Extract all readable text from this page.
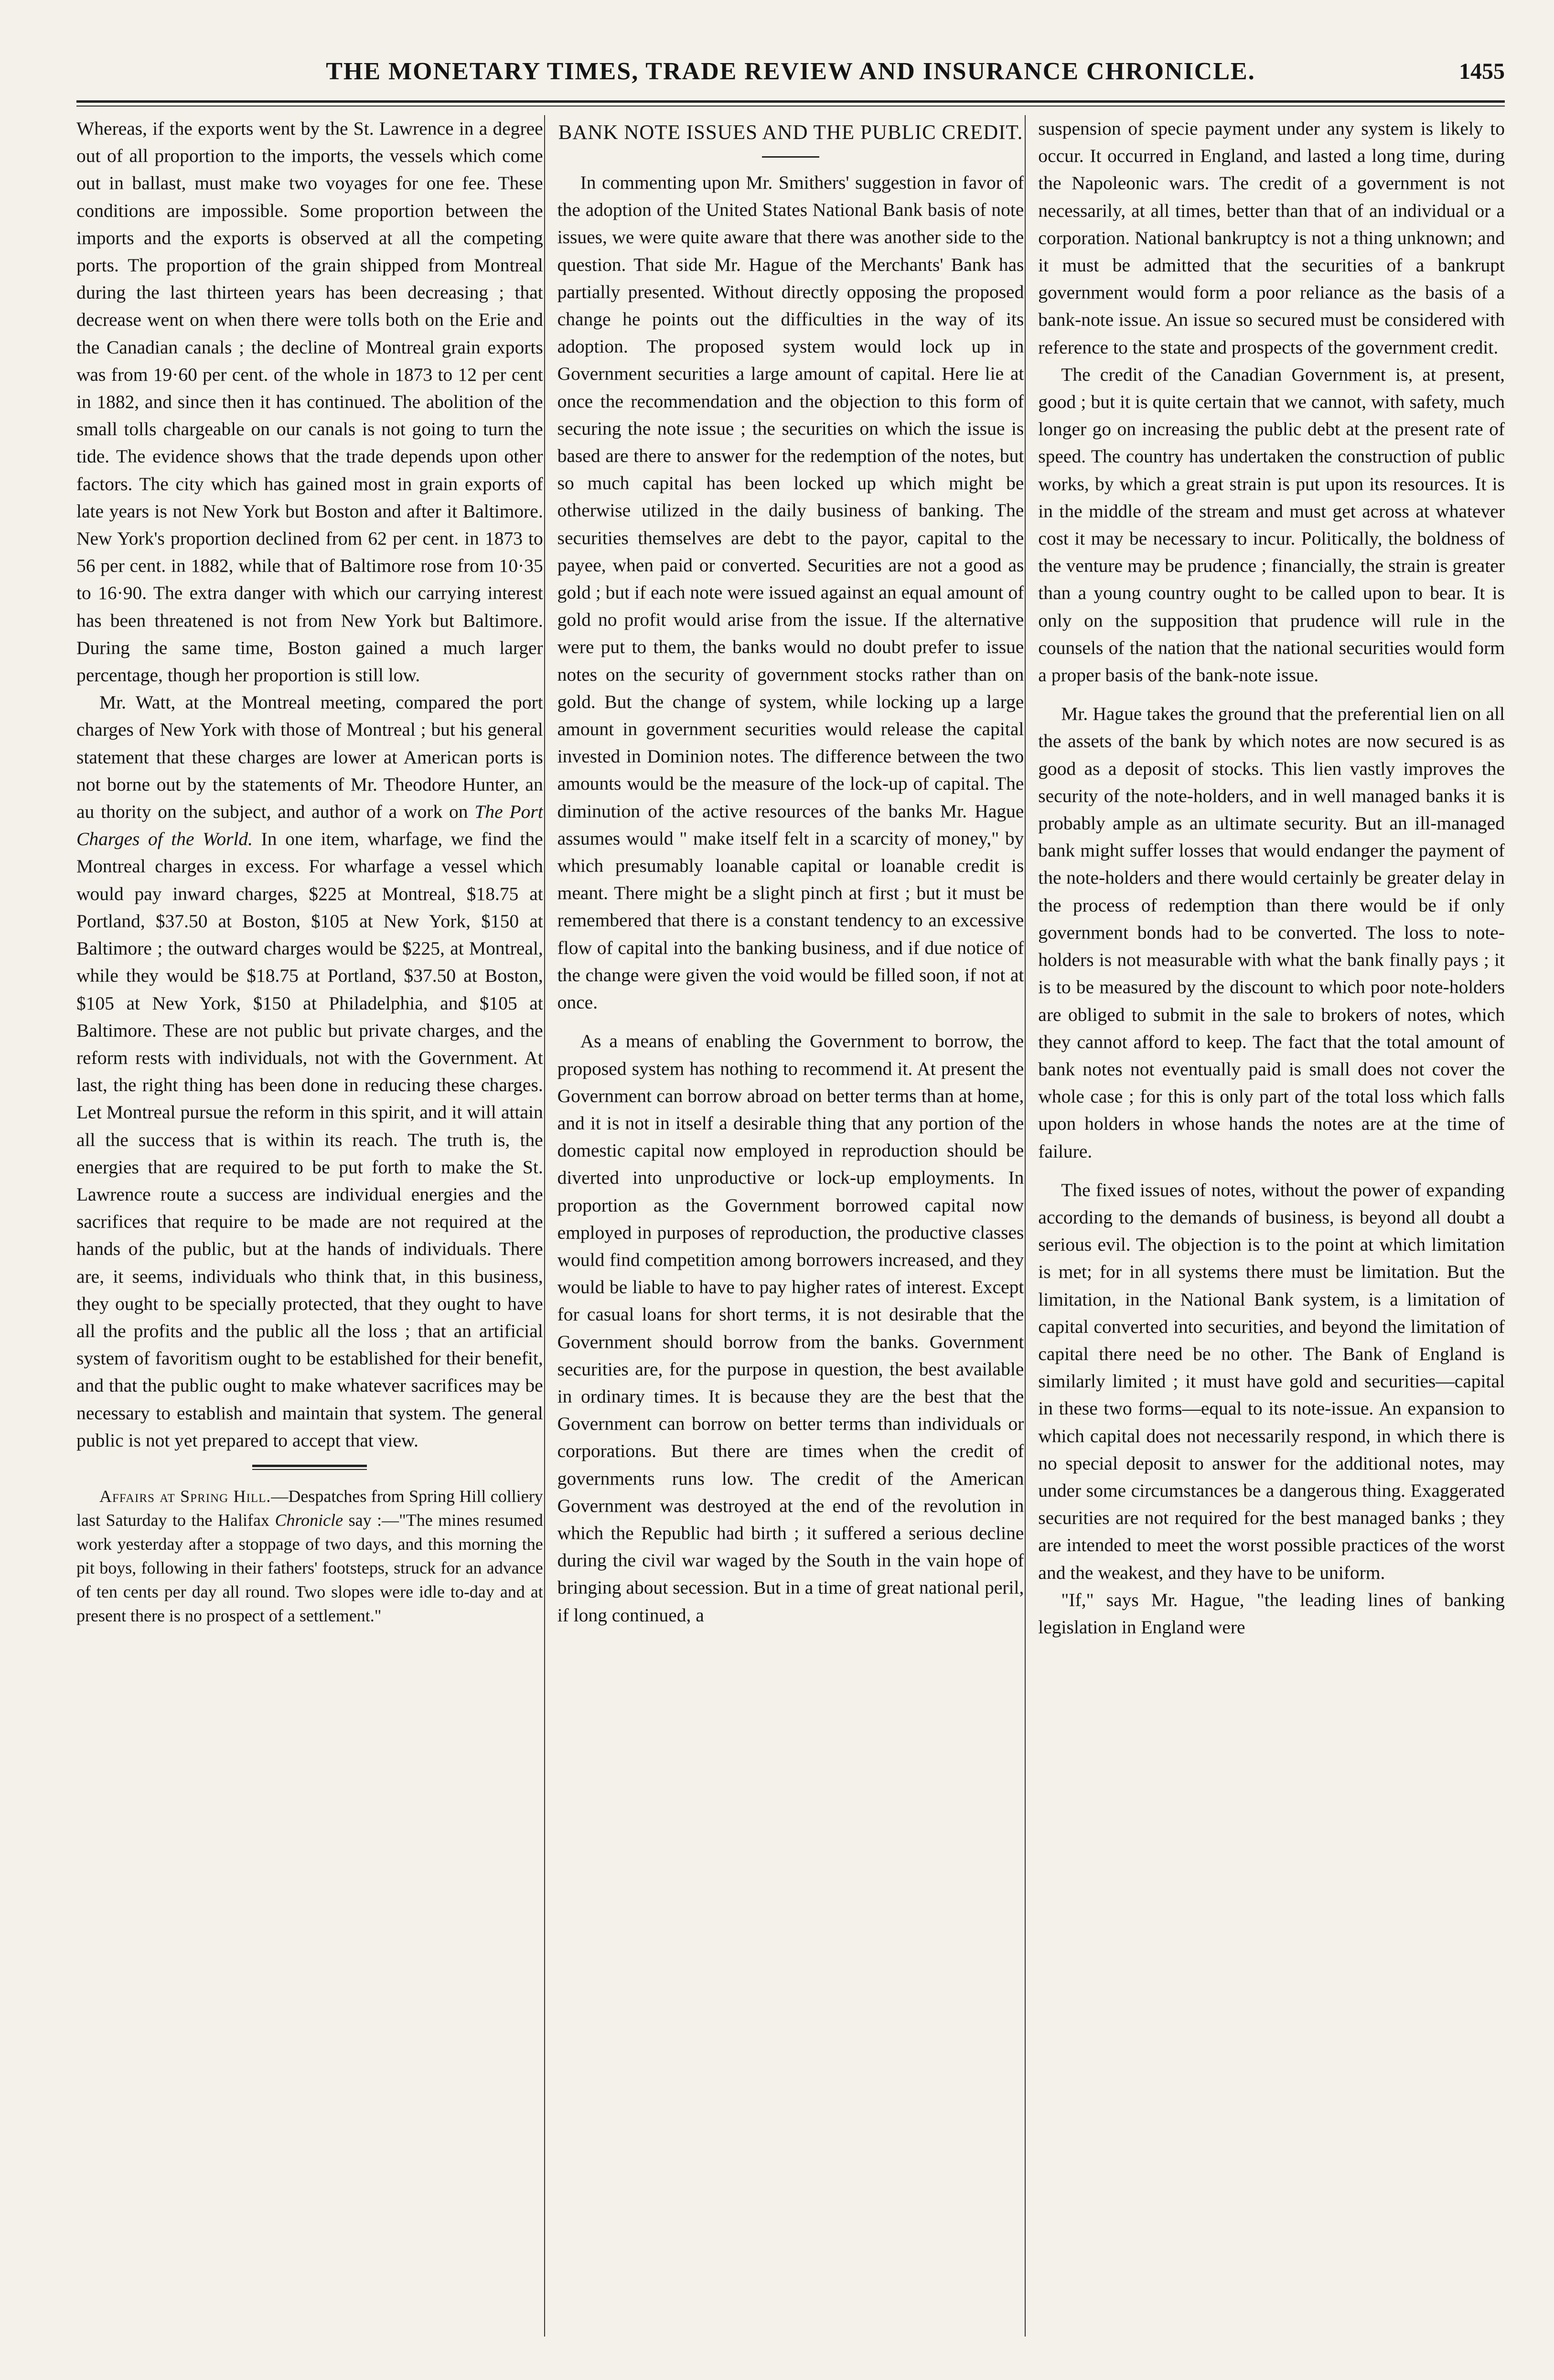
THE MONETARY TIMES, TRADE REVIEW AND INSURANCE CHRONICLE.	1455

Whereas, if the exports went by the St. Lawrence in a degree out of all proportion to the imports, the vessels which come out in ballast, must make two voyages for one fee. These conditions are impossible. Some proportion between the imports and the exports is observed at all the competing ports. The proportion of the grain shipped from Montreal during the last thirteen years has been decreasing ; that decrease went on when there were tolls both on the Erie and the Canadian canals ; the decline of Montreal grain exports was from 19·60 per cent. of the whole in 1873 to 12 per cent in 1882, and since then it has continued. The abolition of the small tolls chargeable on our canals is not going to turn the tide. The evidence shows that the trade depends upon other factors. The city which has gained most in grain exports of late years is not New York but Boston and after it Baltimore. New York's proportion declined from 62 per cent. in 1873 to 56 per cent. in 1882, while that of Baltimore rose from 10·35 to 16·90. The extra danger with which our carrying interest has been threatened is not from New York but Baltimore. During the same time, Boston gained a much larger percentage, though her proportion is still low.

Mr. Watt, at the Montreal meeting, compared the port charges of New York with those of Montreal ; but his general statement that these charges are lower at American ports is not borne out by the statements of Mr. Theodore Hunter, an au thority on the subject, and author of a work on The Port Charges of the World. In one item, wharfage, we find the Montreal charges in excess. For wharfage a vessel which would pay inward charges, $225 at Montreal, $18.75 at Portland, $37.50 at Boston, $105 at New York, $150 at Baltimore ; the outward charges would be $225, at Montreal, while they would be $18.75 at Portland, $37.50 at Boston, $105 at New York, $150 at Philadelphia, and $105 at Baltimore. These are not public but private charges, and the reform rests with individuals, not with the Government. At last, the right thing has been done in reducing these charges. Let Montreal pursue the reform in this spirit, and it will attain all the success that is within its reach. The truth is, the energies that are required to be put forth to make the St. Lawrence route a success are individual energies and the sacrifices that require to be made are not required at the hands of the public, but at the hands of individuals. There are, it seems, individuals who think that, in this business, they ought to be specially protected, that they ought to have all the profits and the public all the loss ; that an artificial system of favoritism ought to be established for their benefit, and that the public ought to make whatever sacrifices may be necessary to establish and maintain that system. The general public is not yet prepared to accept that view.

Affairs at Spring Hill.—Despatches from Spring Hill colliery last Saturday to the Halifax Chronicle say :—"The mines resumed work yesterday after a stoppage of two days, and this morning the pit boys, following in their fathers' footsteps, struck for an advance of ten cents per day all round. Two slopes were idle to-day and at present there is no prospect of a settlement."

BANK NOTE ISSUES AND THE PUBLIC CREDIT.

In commenting upon Mr. Smithers' suggestion in favor of the adoption of the United States National Bank basis of note issues, we were quite aware that there was another side to the question. That side Mr. Hague of the Merchants' Bank has partially presented. Without directly opposing the proposed change he points out the difficulties in the way of its adoption. The proposed system would lock up in Government securities a large amount of capital. Here lie at once the recommendation and the objection to this form of securing the note issue ; the securities on which the issue is based are there to answer for the redemption of the notes, but so much capital has been locked up which might be otherwise utilized in the daily business of banking. The securities themselves are debt to the payor, capital to the payee, when paid or converted. Securities are not a good as gold ; but if each note were issued against an equal amount of gold no profit would arise from the issue. If the alternative were put to them, the banks would no doubt prefer to issue notes on the security of government stocks rather than on gold. But the change of system, while locking up a large amount in government securities would release the capital invested in Dominion notes. The difference between the two amounts would be the measure of the lock-up of capital. The diminution of the active resources of the banks Mr. Hague assumes would " make itself felt in a scarcity of money," by which presumably loanable capital or loanable credit is meant. There might be a slight pinch at first ; but it must be remembered that there is a constant tendency to an excessive flow of capital into the banking business, and if due notice of the change were given the void would be filled soon, if not at once.

As a means of enabling the Government to borrow, the proposed system has nothing to recommend it. At present the Government can borrow abroad on better terms than at home, and it is not in itself a desirable thing that any portion of the domestic capital now employed in reproduction should be diverted into unproductive or lock-up employments. In proportion as the Government borrowed capital now employed in purposes of reproduction, the productive classes would find competition among borrowers increased, and they would be liable to have to pay higher rates of interest. Except for casual loans for short terms, it is not desirable that the Government should borrow from the banks. Government securities are, for the purpose in question, the best available in ordinary times. It is because they are the best that the Government can borrow on better terms than individuals or corporations. But there are times when the credit of governments runs low. The credit of the American Government was destroyed at the end of the revolution in which the Republic had birth ; it suffered a serious decline during the civil war waged by the South in the vain hope of bringing about secession. But in a time of great national peril, if long continued, a

suspension of specie payment under any system is likely to occur. It occurred in England, and lasted a long time, during the Napoleonic wars. The credit of a government is not necessarily, at all times, better than that of an individual or a corporation. National bankruptcy is not a thing unknown; and it must be admitted that the securities of a bankrupt government would form a poor reliance as the basis of a bank-note issue. An issue so secured must be considered with reference to the state and prospects of the government credit.

The credit of the Canadian Government is, at present, good ; but it is quite certain that we cannot, with safety, much longer go on increasing the public debt at the present rate of speed. The country has undertaken the construction of public works, by which a great strain is put upon its resources. It is in the middle of the stream and must get across at whatever cost it may be necessary to incur. Politically, the boldness of the venture may be prudence ; financially, the strain is greater than a young country ought to be called upon to bear. It is only on the supposition that prudence will rule in the counsels of the nation that the national securities would form a proper basis of the bank-note issue.

Mr. Hague takes the ground that the preferential lien on all the assets of the bank by which notes are now secured is as good as a deposit of stocks. This lien vastly improves the security of the note-holders, and in well managed banks it is probably ample as an ultimate security. But an ill-managed bank might suffer losses that would endanger the payment of the note-holders and there would certainly be greater delay in the process of redemption than there would be if only government bonds had to be converted. The loss to note-holders is not measurable with what the bank finally pays ; it is to be measured by the discount to which poor note-holders are obliged to submit in the sale to brokers of notes, which they cannot afford to keep. The fact that the total amount of bank notes not eventually paid is small does not cover the whole case ; for this is only part of the total loss which falls upon holders in whose hands the notes are at the time of failure.

The fixed issues of notes, without the power of expanding according to the demands of business, is beyond all doubt a serious evil. The objection is to the point at which limitation is met; for in all systems there must be limitation. But the limitation, in the National Bank system, is a limitation of capital converted into securities, and beyond the limitation of capital there need be no other. The Bank of England is similarly limited ; it must have gold and securities—capital in these two forms—equal to its note-issue. An expansion to which capital does not necessarily respond, in which there is no special deposit to answer for the additional notes, may under some circumstances be a dangerous thing. Exaggerated securities are not required for the best managed banks ; they are intended to meet the worst possible practices of the worst and the weakest, and they have to be uniform.

"If," says Mr. Hague, "the leading lines of banking legislation in England were
